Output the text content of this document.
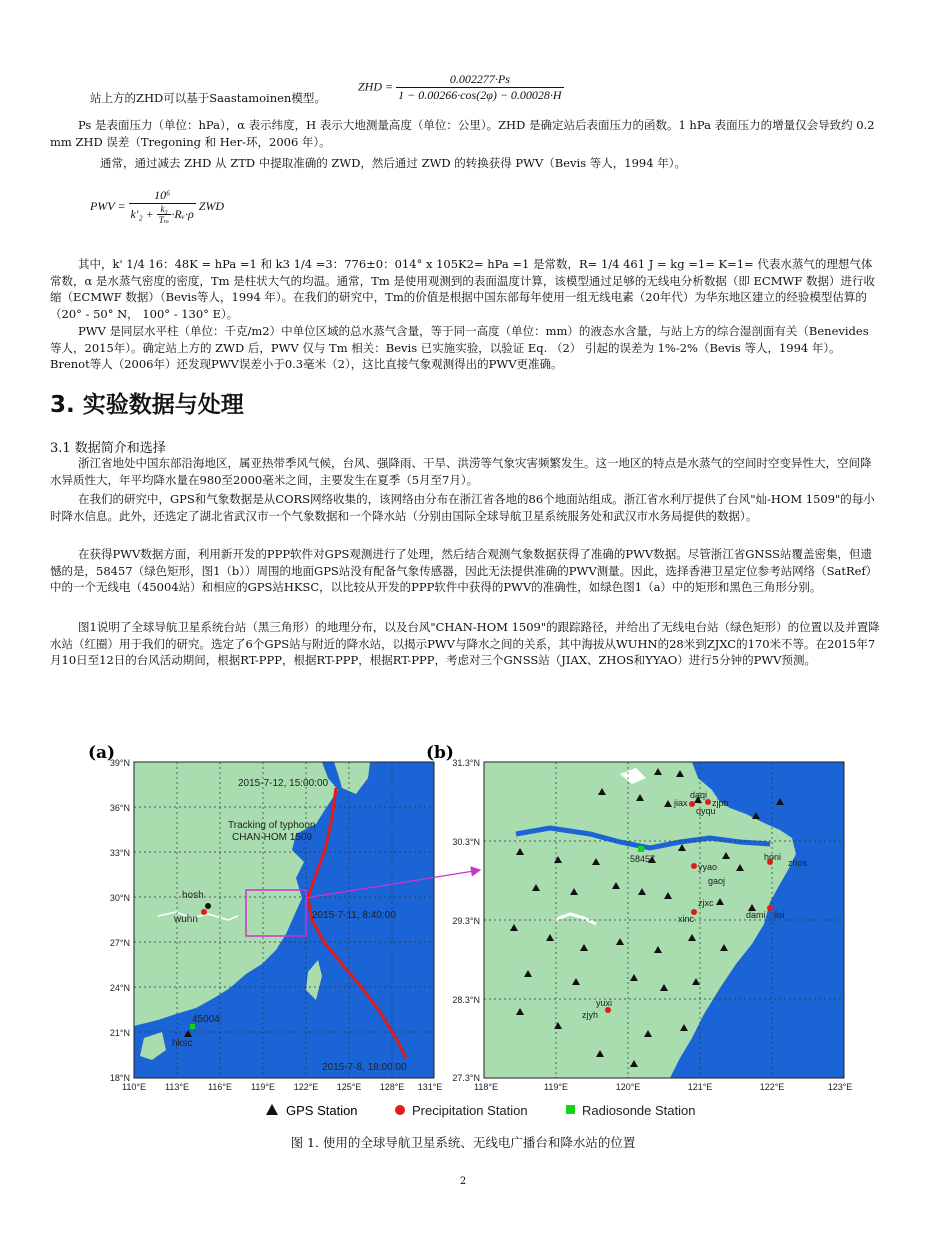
站上方的ZHD可以基于Saastamoinen模型。
ZHD = $\frac{0.002277\cdot Ps}{1 - 0.00266\cdot\cos(2\varphi) - 0.00028\cdot H}$
Ps 是表面压力（单位：hPa），α 表示纬度，H 表示大地测量高度（单位：公里）。ZHD 是确定站后表面压力的函数。1 hPa 表面压力的增量仅会导致约 0.2 mm ZHD 误差（Tregoning 和 Her-环，2006 年）。
通常，通过减去 ZHD 从 ZTD 中提取准确的 ZWD，然后通过 ZWD 的转换获得 PWV（Bevis 等人，1994 年）。
PWV = $\frac{\text{10⁶}}{k'_2 + \frac{\text{k₃}}{\text{Tₘ}} \cdot Rᵥ\cdot\rho}$ ZWD
其中，k' 1/4 16：48K = hPa =1 和 k3 1/4 =3：776±0：014° x 105K2= hPa =1 是常数，R= 1/4 461 J = kg =1= K=1= 代表水蒸气的理想气体常数，α 是水蒸气密度的密度，Tm 是柱状大气的均温。通常，Tm 是使用观测到的表面温度计算，该模型通过足够的无线电分析数据（即 ECMWF 数据）进行收缩（ECMWF 数据）（Bevis等人，1994 年）。在我们的研究中，Tm的价值是根据中国东部每年使用一组无线电素（20年代）为华东地区建立的经验模型估算的（20° - 50° N， 100° - 130° E）。
PWV 是同层水平柱（单位：千克/m2）中单位区域的总水蒸气含量，等于同一高度（单位：mm）的液态水含量，与站上方的综合湿剖面有关（Benevides等人，2015年）。确定站上方的 ZWD 后，PWV 仅与 Tm 相关：Bevis 已实施实验，以验证 Eq. （2） 引起的误差为 1%-2%（Bevis 等人，1994 年）。Brenot等人（2006年）还发现PWV误差小于0.3毫米（2），这比直接气象观测得出的PWV更准确。
3. 实验数据与处理
3.1 数据简介和选择
浙江省地处中国东部沿海地区，属亚热带季风气候，台风、强降雨、干旱、洪涝等气象灾害频繁发生。这一地区的特点是水蒸气的空间时空变异性大，空间降水异质性大，年平均降水量在980至2000毫米之间，主要发生在夏季（5月至7月）。
在我们的研究中，GPS和气象数据是从CORS网络收集的，该网络由分布在浙江省各地的86个地面站组成。浙江省水利厅提供了台风"灿-HOM 1509"的每小时降水信息。此外，还选定了湖北省武汉市一个气象数据和一个降水站（分别由国际全球导航卫星系统服务处和武汉市水务局提供的数据）。
在获得PWV数据方面，利用新开发的PPP软件对GPS观测进行了处理，然后结合观测气象数据获得了准确的PWV数据。尽管浙江省GNSS站覆盖密集，但遗憾的是，58457（绿色矩形，图1（b））周围的地面GPS站没有配备气象传感器，因此无法提供准确的PWV测量。因此，选择香港卫星定位参考站网络（SatRef）中的一个无线电（45004站）和相应的GPS站HKSC，以比较从开发的PPP软件中获得的PWV的准确性，如绿色图1（a）中的矩形和黑色三角形分别。
图1说明了全球导航卫星系统台站（黑三角形）的地理分布，以及台风"CHAN-HOM 1509"的跟踪路径，并给出了无线电台站（绿色矩形）的位置以及并置降水站（红圈）用于我们的研究。选定了6个GPS站与附近的降水站，以揭示PWV与降水之间的关系，其中海拔从WUHN的28米到ZJXC的170米不等。在2015年7月10日至12日的台风活动期间，根据RT-PPP，根据RT-PPP，根据RT-PPP，考虑对三个GNSS站（JIAX、ZHOS和YYAO）进行5分钟的PWV预测。
(a)
2015-7-12, 15:00:00
Tracking of typhoon
CHAN-HOM 1509
2015-7-11, 8:40:00
2015-7-8, 18:00:00
hosh
wuhn
45004
hksc
39°N
36°N
33°N
30°N
27°N
24°N
21°N
18°N
110°E 113°E 116°E 119°E 122°E 125°E 128°E 131°E
(b)
jiax
daqi
zjpb
qyqu
58457
yyao
gaoj
zjxc
xinc
honi
zhos
dami lisi
yuxi
zjyh
31.3°N
30.3°N
29.3°N
28.3°N
27.3°N
118°E	119°E	120°E	121°E	122°E	123°E
GPS Station	Precipitation Station	Radiosonde Station
图 1. 使用的全球导航卫星系统、无线电广播台和降水站的位置
2
